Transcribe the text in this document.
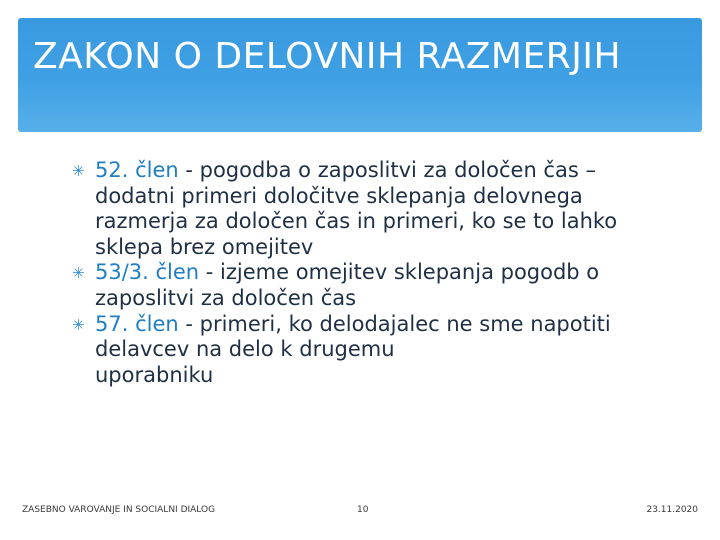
ZAKON O DELOVNIH RAZMERJIH
✳ 52. člen - pogodba o zaposlitvi za določen čas – dodatni primeri določitve sklepanja delovnega razmerja za določen čas in primeri, ko se to lahko sklepa brez omejitev
✳ 53/3. člen - izjeme omejitev sklepanja pogodb o zaposlitvi za določen čas
✳ 57. člen - primeri, ko delodajalec ne sme napotiti delavcev na delo k drugemu
uporabniku
ZASEBNO VAROVANJE IN SOCIALNI DIALOG	10	23.11.2020
